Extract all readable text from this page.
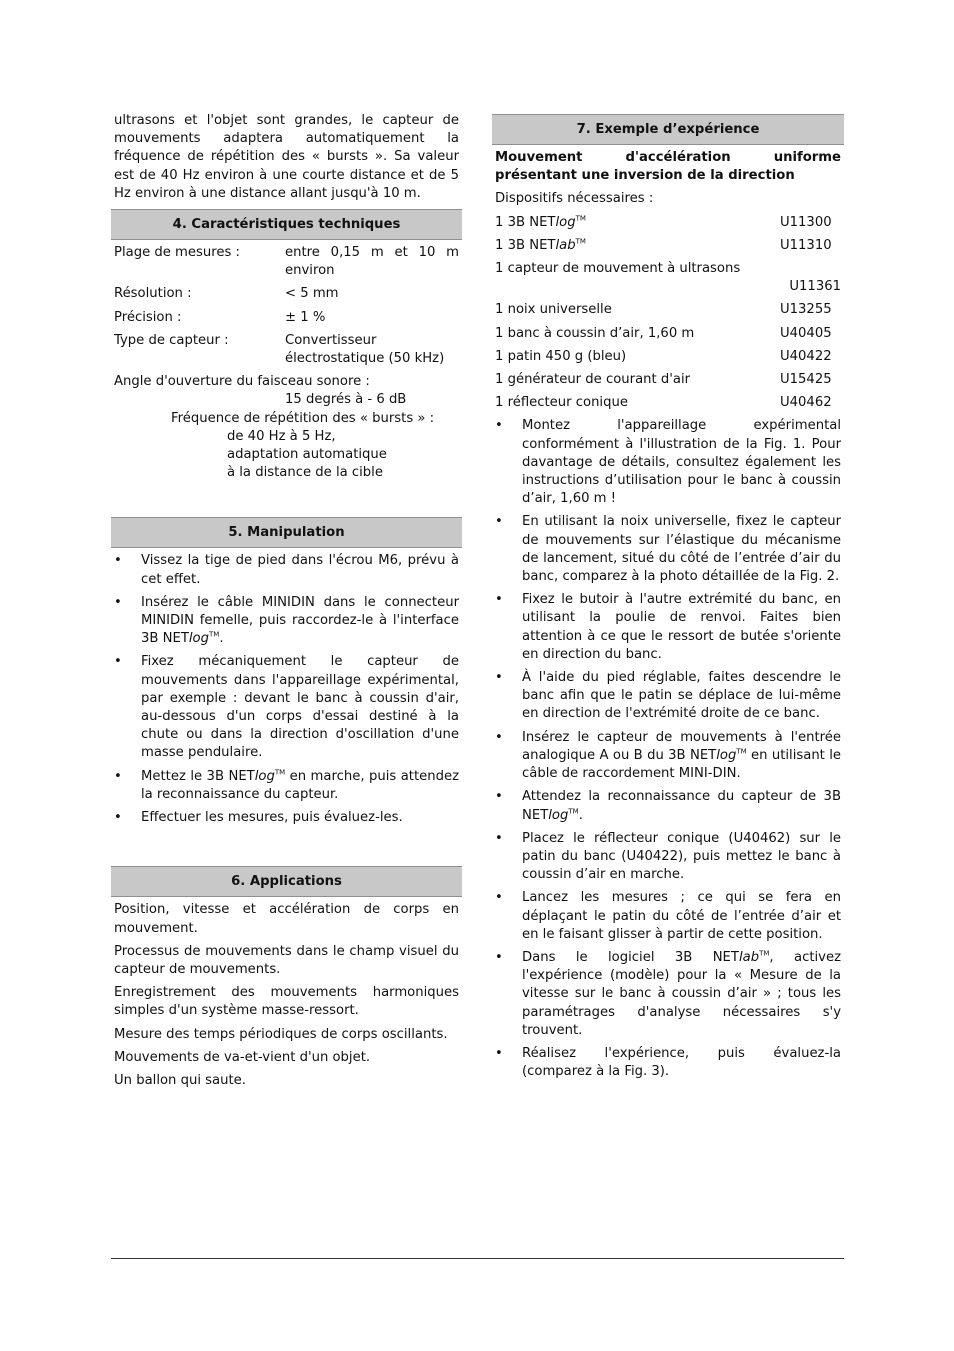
ultrasons et l'objet sont grandes, le capteur de mouvements adaptera automatiquement la fréquence de répétition des « bursts ». Sa valeur est de 40 Hz environ à une courte distance et de 5 Hz environ à une distance allant jusqu'à 10 m.

4. Caractéristiques techniques
Plage de mesures :	entre 0,15 m et 10 m environ
Résolution :	< 5 mm
Précision :	± 1 %
Type de capteur :	Convertisseur électrostatique (50 kHz)
Angle d'ouverture du faisceau sonore :
15 degrés à - 6 dB
Fréquence de répétition des « bursts » :
de 40 Hz à 5 Hz,
adaptation automatique
à la distance de la cible
5. Manipulation
• Vissez la tige de pied dans l'écrou M6, prévu à cet effet.
• Insérez le câble MINIDIN dans le connecteur MINIDIN femelle, puis raccordez-le à l'interface 3B NETlog™.
• Fixez mécaniquement le capteur de mouvements dans l'appareillage expérimental, par exemple : devant le banc à coussin d'air, au-dessous d'un corps d'essai destiné à la chute ou dans la direction d'oscillation d'une masse pendulaire.
• Mettez le 3B NETlog™ en marche, puis attendez la reconnaissance du capteur.
• Effectuer les mesures, puis évaluez-les.
6. Applications

Position, vitesse et accélération de corps en mouvement.

Processus de mouvements dans le champ visuel du capteur de mouvements.

Enregistrement des mouvements harmoniques simples d'un système masse-ressort.

Mesure des temps périodiques de corps oscillants.

Mouvements de va-et-vient d'un objet.

Un ballon qui saute.

7. Exemple d’expérience

Mouvement d'accélération uniforme présentant une inversion de la direction

Dispositifs nécessaires :
1 3B NETlog™	U11300
1 3B NETlab™	U11310
1 capteur de mouvement à ultrasons
U11361
1 noix universelle	U13255
1 banc à coussin d’air, 1,60 m	U40405
1 patin 450 g (bleu)	U40422
1 générateur de courant d'air	U15425
1 réflecteur conique	U40462
• Montez l'appareillage expérimental conformément à l'illustration de la Fig. 1. Pour davantage de détails, consultez également les instructions d’utilisation pour le banc à coussin d’air, 1,60 m !
• En utilisant la noix universelle, fixez le capteur de mouvements sur l’élastique du mécanisme de lancement, situé du côté de l’entrée d’air du banc, comparez à la photo détaillée de la Fig. 2.
• Fixez le butoir à l'autre extrémité du banc, en utilisant la poulie de renvoi. Faites bien attention à ce que le ressort de butée s'oriente en direction du banc.
• À l'aide du pied réglable, faites descendre le banc afin que le patin se déplace de lui-même en direction de l'extrémité droite de ce banc.
• Insérez le capteur de mouvements à l'entrée analogique A ou B du 3B NETlog™ en utilisant le câble de raccordement MINI-DIN.
• Attendez la reconnaissance du capteur de 3B NETlog™.
• Placez le réflecteur conique (U40462) sur le patin du banc (U40422), puis mettez le banc à coussin d’air en marche.
• Lancez les mesures ; ce qui se fera en déplaçant le patin du côté de l’entrée d’air et en le faisant glisser à partir de cette position.
• Dans le logiciel 3B NETlab™, activez l'expérience (modèle) pour la « Mesure de la vitesse sur le banc à coussin d’air » ; tous les paramétrages d'analyse nécessaires s'y trouvent.
• Réalisez l'expérience, puis évaluez-la (comparez à la Fig. 3).
